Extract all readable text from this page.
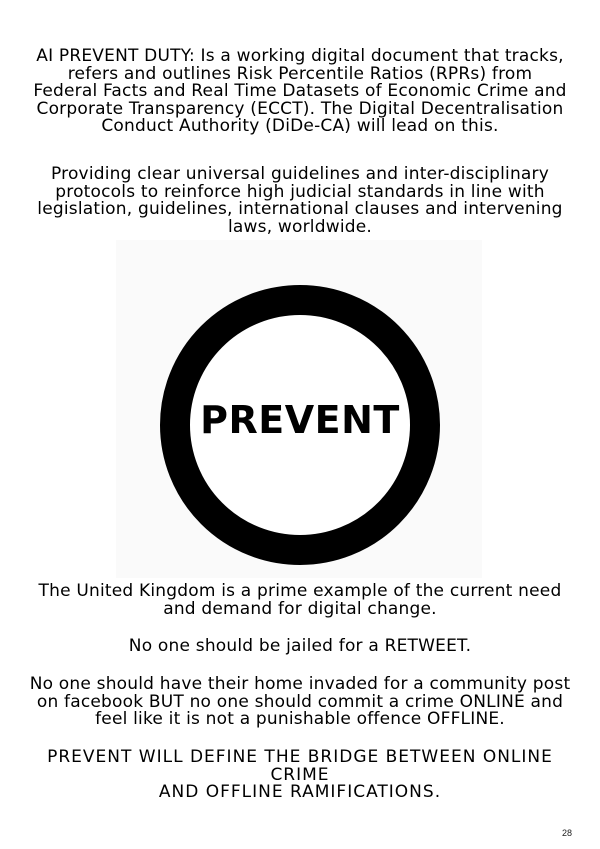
AI PREVENT DUTY: Is a working digital document that tracks,
refers and outlines Risk Percentile Ratios (RPRs) from
Federal Facts and Real Time Datasets of Economic Crime and
Corporate Transparency (ECCT). The Digital Decentralisation
Conduct Authority (DiDe-CA) will lead on this.
Providing clear universal guidelines and inter-disciplinary
protocols to reinforce high judicial standards in line with
legislation, guidelines, international clauses and intervening
laws, worldwide.
PREVENT
The United Kingdom is a prime example of the current need
and demand for digital change.
No one should be jailed for a RETWEET.
No one should have their home invaded for a community post
on facebook BUT no one should commit a crime ONLINE and
feel like it is not a punishable offence OFFLINE.
PREVENT WILL DEFINE THE BRIDGE BETWEEN ONLINE CRIME
AND OFFLINE RAMIFICATIONS.
28
